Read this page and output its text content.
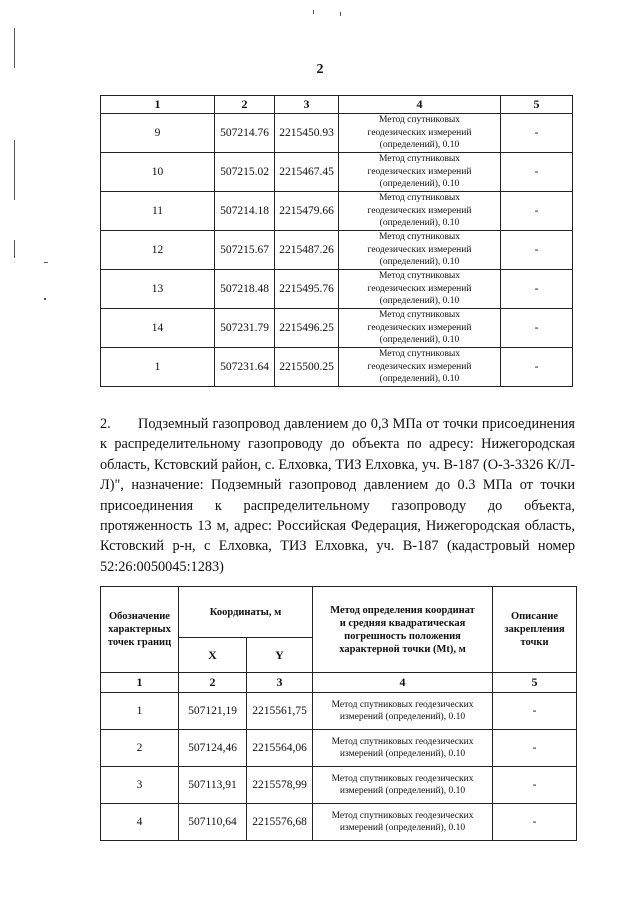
2
1	2	3	4	5
9	507214.76	2215450.93	Метод спутниковых
геодезических измерений
(определений), 0.10	-
10	507215.02	2215467.45	Метод спутниковых
геодезических измерений
(определений), 0.10	-
11	507214.18	2215479.66	Метод спутниковых
геодезических измерений
(определений), 0.10	-
12	507215.67	2215487.26	Метод спутниковых
геодезических измерений
(определений), 0.10	-
13	507218.48	2215495.76	Метод спутниковых
геодезических измерений
(определений), 0.10	-
14	507231.79	2215496.25	Метод спутниковых
геодезических измерений
(определений), 0.10	-
1	507231.64	2215500.25	Метод спутниковых
геодезических измерений
(определений), 0.10	-
2. Подземный газопровод давлением до 0,3 МПа от точки присоединения к распределительному газопроводу до объекта по адресу: Нижегородская область, Кстовский район, с. Елховка, ТИЗ Елховка, уч. В-187 (О-3-3326 К/Л-Л)", назначение: Подземный газопровод давлением до 0.3 МПа от точки присоединения к распределительному газопроводу до объекта, протяженность 13 м, адрес: Российская Федерация, Нижегородская область, Кстовский р-н, с Елховка, ТИЗ Елховка, уч. В-187 (кадастровый номер 52:26:0050045:1283)
Обозначение
характерных
точек границ	Координаты, м		Метод определения координат
и средняя квадратическая
погрешность положения
характерной точки (Mt), м	Описание
закрепления
точки
	X	Y		
1	2	3	4	5
1	507121,19	2215561,75	Метод спутниковых геодезических
измерений (определений), 0.10	-
2	507124,46	2215564,06	Метод спутниковых геодезических
измерений (определений), 0.10	-
3	507113,91	2215578,99	Метод спутниковых геодезических
измерений (определений), 0.10	-
4	507110,64	2215576,68	Метод спутниковых геодезических
измерений (определений), 0.10	-
